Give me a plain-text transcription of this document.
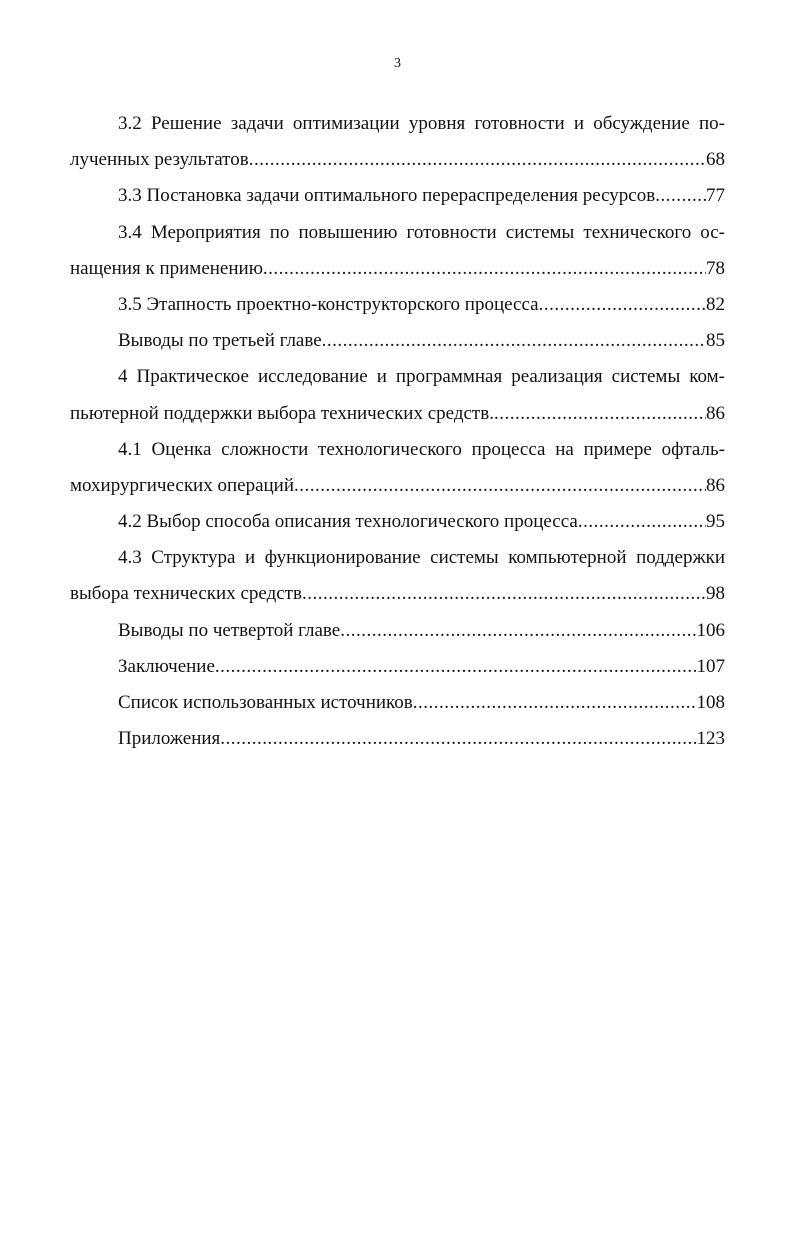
3
3.2 Решение задачи оптимизации уровня готовности и обсуждение по-
лученных результатов .....	68
3.3 Постановка задачи оптимального перераспределения ресурсов .....	77
3.4 Мероприятия по повышению готовности системы технического ос-
нащения к применению .....	78
3.5 Этапность проектно-конструкторского процесса .....	82
Выводы по третьей главе .....	85
4 Практическое исследование и программная реализация системы ком-
пьютерной поддержки выбора технических средств. .....	86
4.1 Оценка сложности технологического процесса на примере офталь-
мохирургических операций .....	86
4.2 Выбор способа описания технологического процесса .....	95
4.3 Структура и функционирование системы компьютерной поддержки
выбора технических средств .....	98
Выводы по четвертой главе .....	106
Заключение .....	107
Список использованных источников .....	108
Приложения .....	123
